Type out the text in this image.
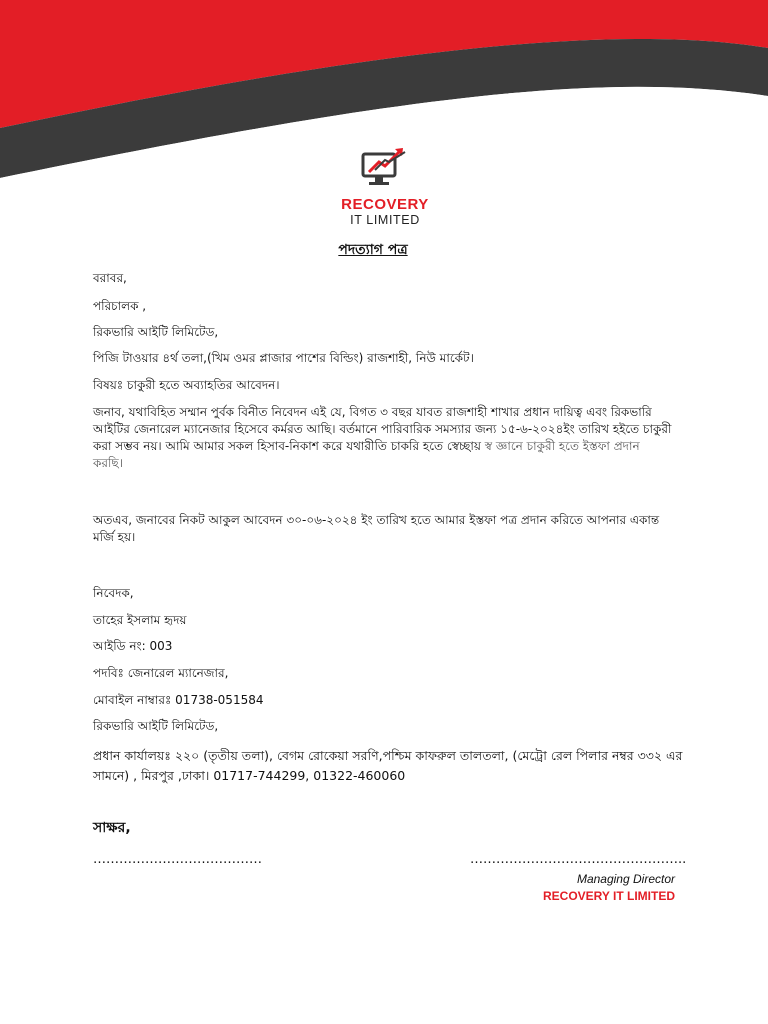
RECOVERY
IT LIMITED
পদত্যাগ পত্র
বরাবর,
পরিচালক ,
রিকভারি আইটি লিমিটেড,
পিজি টাওয়ার ৪র্থ তলা,(খিম ওমর প্লাজার পাশের বিল্ডিং) রাজশাহী, নিউ মার্কেট।
বিষয়ঃ চাকুরী হতে অব্যাহতির আবেদন।
জনাব, যথাবিহিত সম্মান পুর্বক বিনীত নিবেদন এই যে, বিগত ৩ বছর যাবত রাজশাহী শাখার প্রধান দায়িত্ব এবং রিকভারি আইটির জেনারেল ম্যানেজার হিসেবে কর্মরত আছি। বর্তমানে পারিবারিক সমস্যার জন্য ১৫-৬-২০২৪ইং তারিখ হইতে চাকুরী করা সম্ভব নয়। আমি আমার সকল হিসাব-নিকাশ করে যথারীতি চাকরি হতে স্বেচ্ছায় স্ব জ্ঞানে চাকুরী হতে ইস্তফা প্রদান করছি।
অতএব, জনাবের নিকট আকুল আবেদন ৩০-০৬-২০২৪ ইং তারিখ হতে আমার ইস্তফা পত্র প্রদান করিতে আপনার একান্ত মর্জি হয়।
নিবেদক,
তাহের ইসলাম হৃদয়
আইডি নং: 003
পদবিঃ জেনারেল ম্যানেজার,
মোবাইল নাম্বারঃ 01738-051584
রিকভারি আইটি লিমিটেড,
প্রধান কার্যালয়ঃ ২২০ (তৃতীয় তলা), বেগম রোকেয়া সরণি,পশ্চিম কাফরুল তালতলা, (মেট্রো রেল পিলার নম্বর ৩৩২ এর সামনে) , মিরপুর ,ঢাকা। 01717-744299, 01322-460060
সাক্ষর,
…………………………………	…………………………………………..
Managing Director
RECOVERY IT LIMITED
